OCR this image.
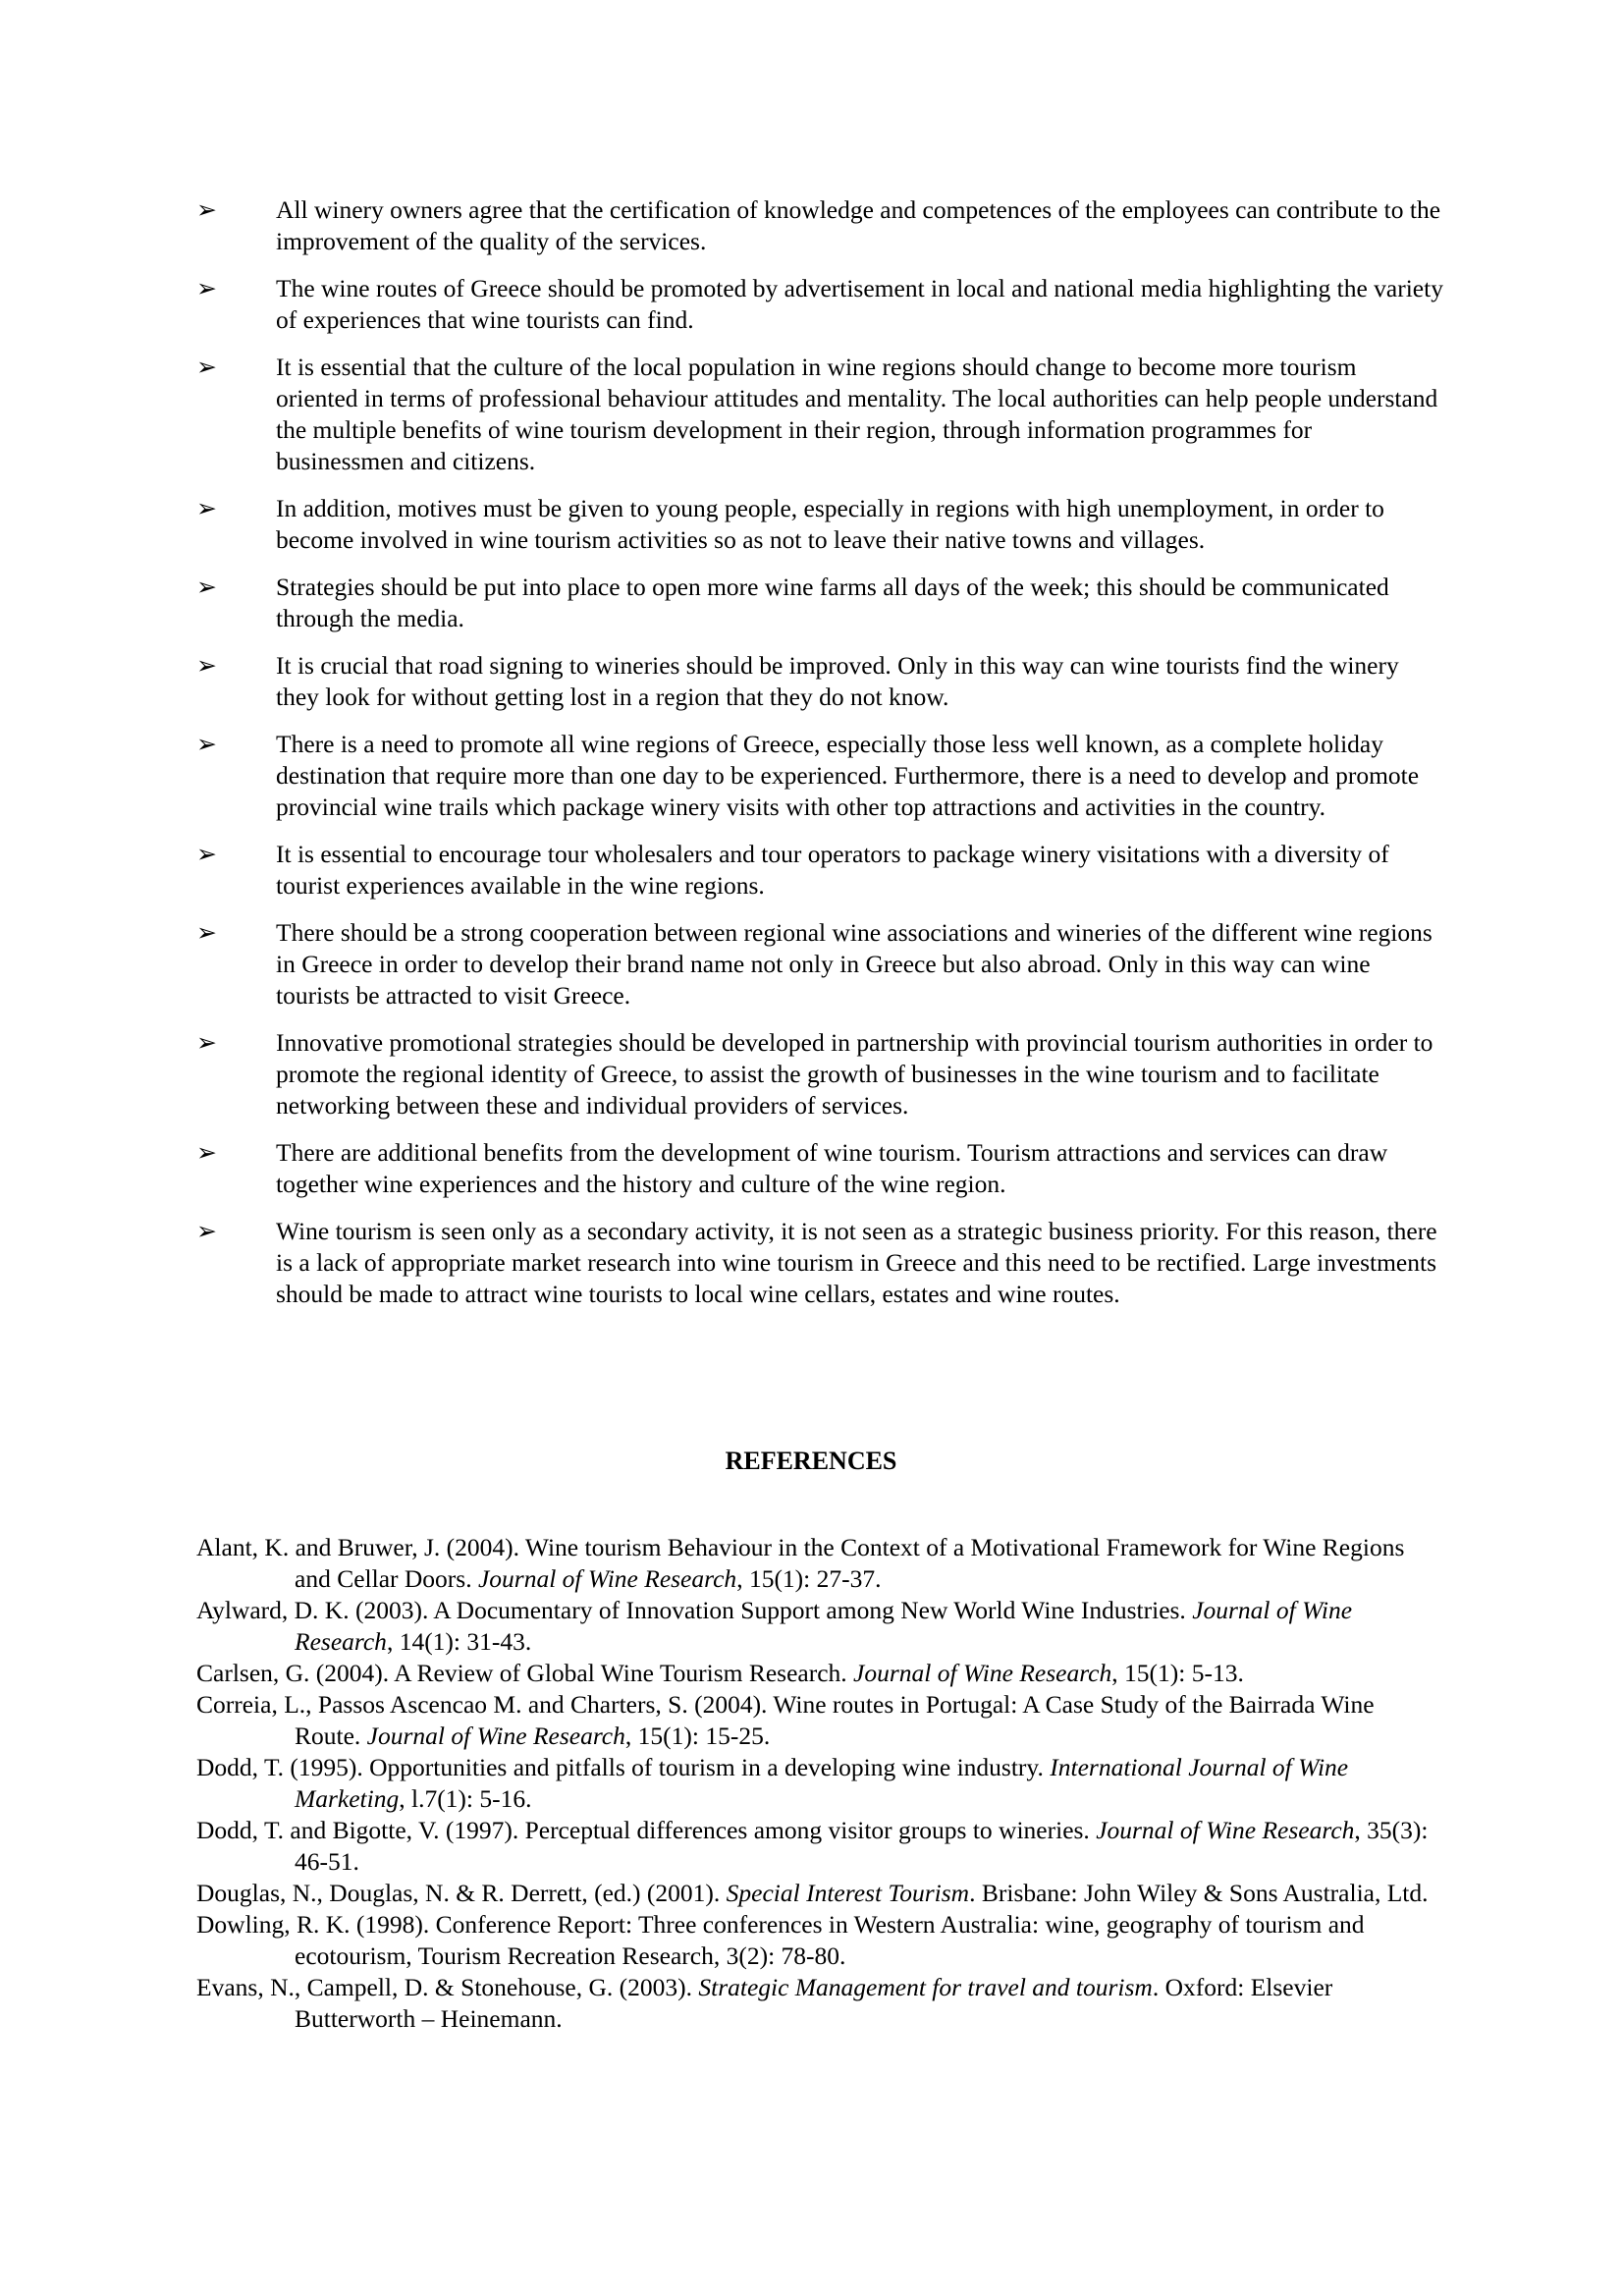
➢	All winery owners agree that the certification of knowledge and competences of the employees can contribute to the improvement of the quality of the services.
➢	The wine routes of Greece should be promoted by advertisement in local and national media highlighting the variety of experiences that wine tourists can find.
➢	It is essential that the culture of the local population in wine regions should change to become more tourism oriented in terms of professional behaviour attitudes and mentality. The local authorities can help people understand the multiple benefits of wine tourism development in their region, through information programmes for businessmen and citizens.
➢	In addition, motives must be given to young people, especially in regions with high unemployment, in order to become involved in wine tourism activities so as not to leave their native towns and villages.
➢	Strategies should be put into place to open more wine farms all days of the week; this should be communicated through the media.
➢	It is crucial that road signing to wineries should be improved. Only in this way can wine tourists find the winery they look for without getting lost in a region that they do not know.
➢	There is a need to promote all wine regions of Greece, especially those less well known, as a complete holiday destination that require more than one day to be experienced. Furthermore, there is a need to develop and promote provincial wine trails which package winery visits with other top attractions and activities in the country.
➢	It is essential to encourage tour wholesalers and tour operators to package winery visitations with a diversity of tourist experiences available in the wine regions.
➢	There should be a strong cooperation between regional wine associations and wineries of the different wine regions in Greece in order to develop their brand name not only in Greece but also abroad. Only in this way can wine tourists be attracted to visit Greece.
➢	Innovative promotional strategies should be developed in partnership with provincial tourism authorities in order to promote the regional identity of Greece, to assist the growth of businesses in the wine tourism and to facilitate networking between these and individual providers of services.
➢	There are additional benefits from the development of wine tourism. Tourism attractions and services can draw together wine experiences and the history and culture of the wine region.
➢	Wine tourism is seen only as a secondary activity, it is not seen as a strategic business priority. For this reason, there is a lack of appropriate market research into wine tourism in Greece and this need to be rectified. Large investments should be made to attract wine tourists to local wine cellars, estates and wine routes.
REFERENCES
Alant, K. and Bruwer, J. (2004). Wine tourism Behaviour in the Context of a Motivational Framework for Wine Regions and Cellar Doors. Journal of Wine Research, 15(1): 27-37.
Aylward, D. K. (2003). A Documentary of Innovation Support among New World Wine Industries. Journal of Wine Research, 14(1): 31-43.
Carlsen, G. (2004). A Review of Global Wine Tourism Research. Journal of Wine Research, 15(1): 5-13.
Correia, L., Passos Ascencao M. and Charters, S. (2004). Wine routes in Portugal: A Case Study of the Bairrada Wine Route. Journal of Wine Research, 15(1): 15-25.
Dodd, T. (1995). Opportunities and pitfalls of tourism in a developing wine industry. International Journal of Wine Marketing, l.7(1): 5-16.
Dodd, T. and Bigotte, V. (1997). Perceptual differences among visitor groups to wineries. Journal of Wine Research, 35(3): 46-51.
Douglas, N., Douglas, N. & R. Derrett, (ed.) (2001). Special Interest Tourism. Brisbane: John Wiley & Sons Australia, Ltd.
Dowling, R. K. (1998). Conference Report: Three conferences in Western Australia: wine, geography of tourism and ecotourism, Tourism Recreation Research, 3(2): 78-80.
Evans, N., Campell, D. & Stonehouse, G. (2003). Strategic Management for travel and tourism. Oxford: Elsevier Butterworth – Heinemann.
